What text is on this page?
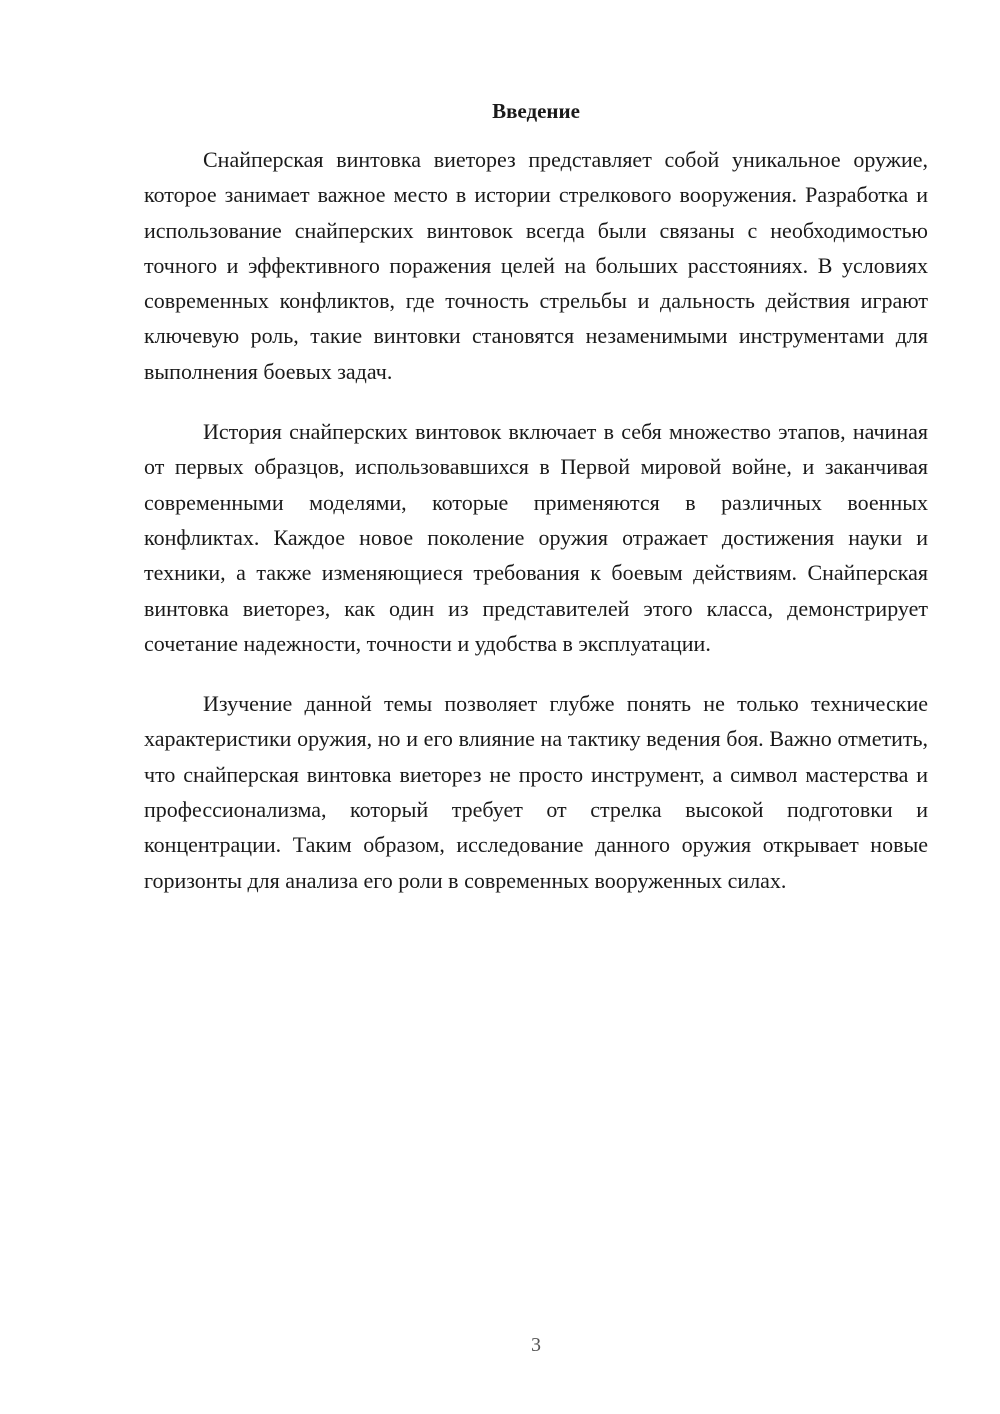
Введение

Снайперская винтовка виеторез представляет собой уникальное оружие, которое занимает важное место в истории стрелкового вооружения. Разработка и использование снайперских винтовок всегда были связаны с необходимостью точного и эффективного поражения целей на больших расстояниях. В условиях современных конфликтов, где точность стрельбы и дальность действия играют ключевую роль, такие винтовки становятся незаменимыми инструментами для выполнения боевых задач.

История снайперских винтовок включает в себя множество этапов, начиная от первых образцов, использовавшихся в Первой мировой войне, и заканчивая современными моделями, которые применяются в различных военных конфликтах. Каждое новое поколение оружия отражает достижения науки и техники, а также изменяющиеся требования к боевым действиям. Снайперская винтовка виеторез, как один из представителей этого класса, демонстрирует сочетание надежности, точности и удобства в эксплуатации.

Изучение данной темы позволяет глубже понять не только технические характеристики оружия, но и его влияние на тактику ведения боя. Важно отметить, что снайперская винтовка виеторез не просто инструмент, а символ мастерства и профессионализма, который требует от стрелка высокой подготовки и концентрации. Таким образом, исследование данного оружия открывает новые горизонты для анализа его роли в современных вооруженных силах.

3
